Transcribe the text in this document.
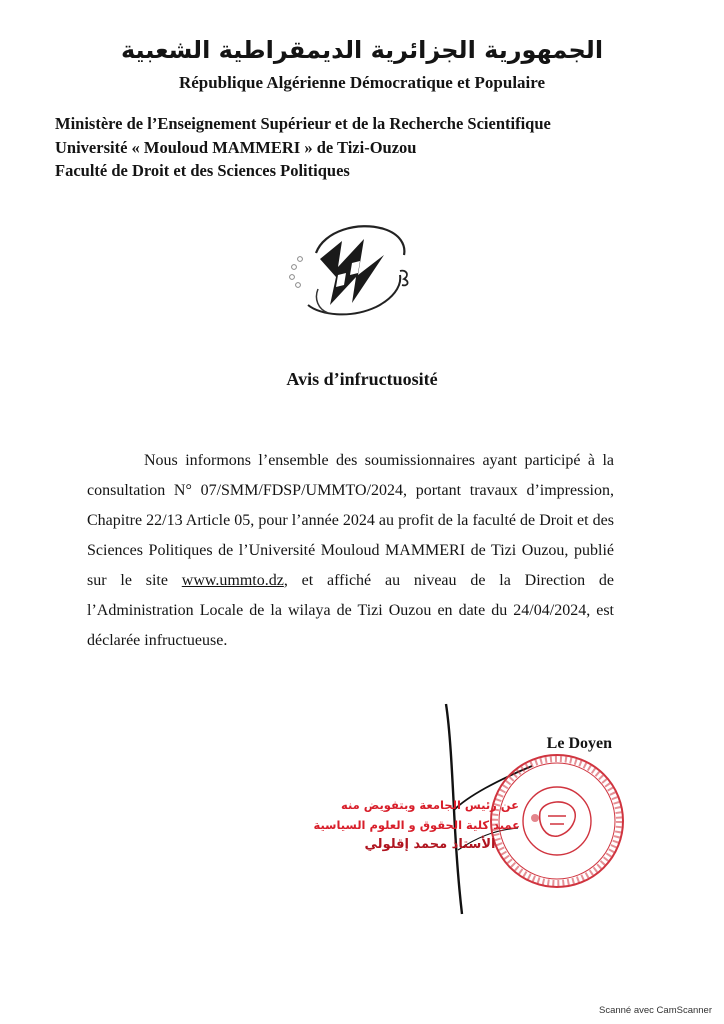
الجمهورية الجزائرية الديمقراطية الشعبية
République Algérienne Démocratique et Populaire
Ministère de l’Enseignement Supérieur et de la Recherche Scientifique
Université « Mouloud MAMMERI » de Tizi-Ouzou
Faculté de Droit et des Sciences Politiques
Avis d’infructuosité

Nous informons l’ensemble des soumissionnaires ayant participé à la consultation N° 07/SMM/FDSP/UMMTO/2024, portant travaux d’impression, Chapitre 22/13 Article 05, pour l’année 2024 au profit de la faculté de Droit et des Sciences Politiques de l’Université Mouloud MAMMERI de Tizi Ouzou, publié sur le site www.ummto.dz, et affiché au niveau de la Direction de l’Administration Locale de la wilaya de Tizi Ouzou en date du 24/04/2024, est déclarée infructueuse.

Le Doyen
عن رئيس الجامعة وبتفويض منه
عميد كلية الحقوق و العلوم السياسية
الأستاذ محمد إقلولي
Scanné avec CamScanner
